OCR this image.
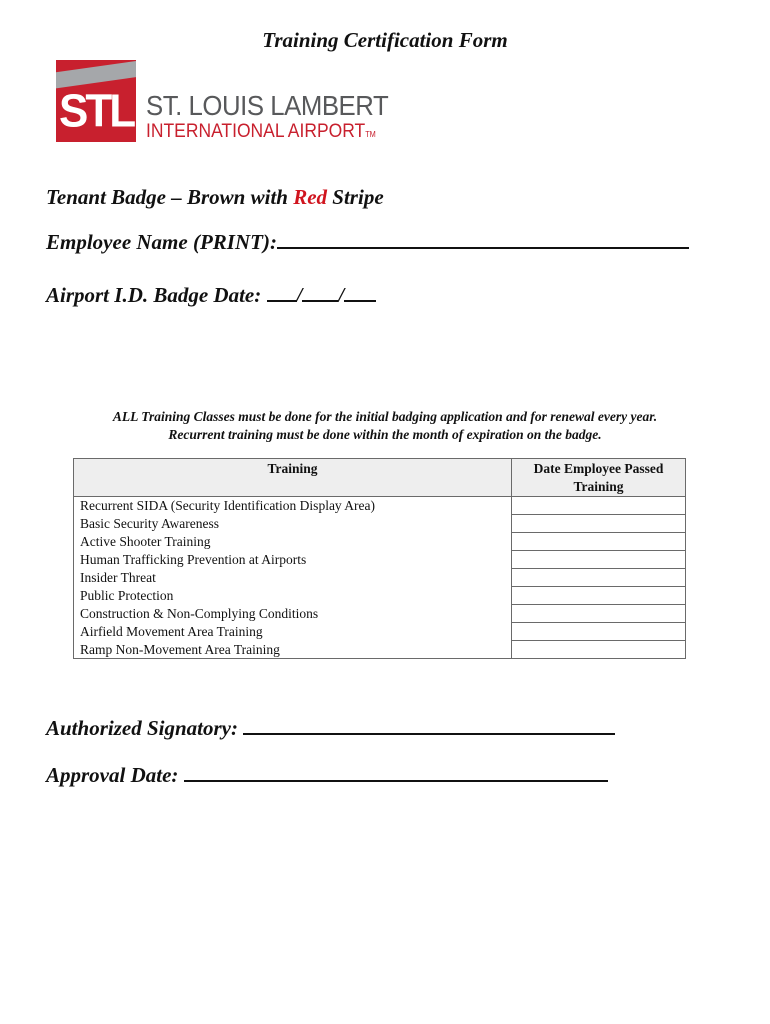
Training Certification Form
STL ST. LOUIS LAMBERT
INTERNATIONAL AIRPORTTM

Tenant Badge – Brown with Red Stripe

Employee Name (PRINT):

Airport I.D. Badge Date: / /

ALL Training Classes must be done for the initial badging application and for renewal every year.
Recurrent training must be done within the month of expiration on the badge.
Training	Date Employee Passed Training
Recurrent SIDA (Security Identification Display Area)	
Basic Security Awareness	
Active Shooter Training	
Human Trafficking Prevention at Airports	
Insider Threat	
Public Protection	
Construction & Non-Complying Conditions	
Airfield Movement Area Training	
Ramp Non-Movement Area Training	

Authorized Signatory:

Approval Date:
